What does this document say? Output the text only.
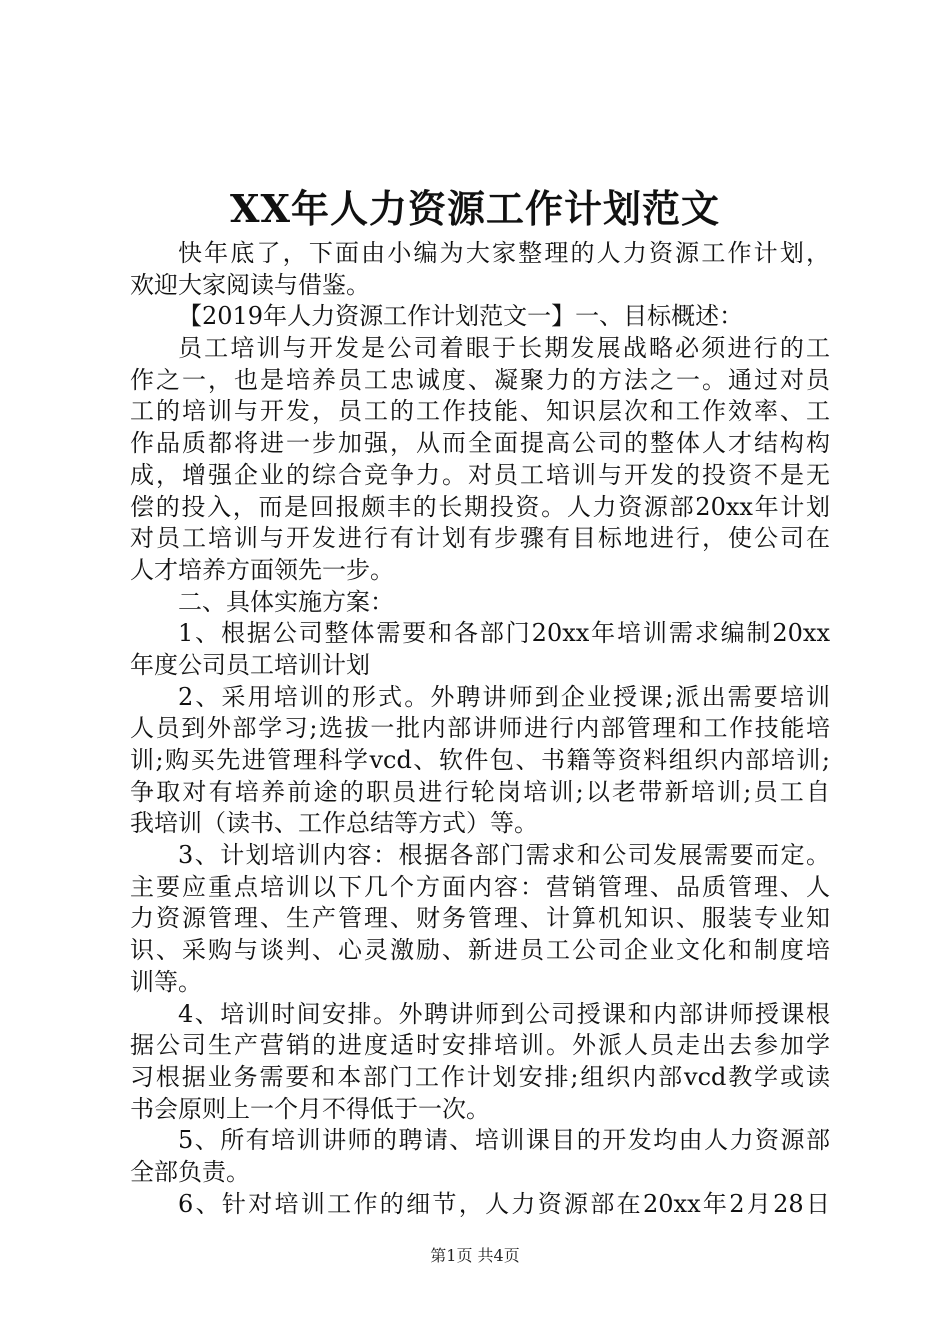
XX年人力资源工作计划范文
快年底了，下面由小编为大家整理的人力资源工作计划，
欢迎大家阅读与借鉴。
【2019年人力资源工作计划范文一】一、目标概述：
员工培训与开发是公司着眼于长期发展战略必须进行的工
作之一，也是培养员工忠诚度、凝聚力的方法之一。通过对员
工的培训与开发，员工的工作技能、知识层次和工作效率、工
作品质都将进一步加强，从而全面提高公司的整体人才结构构
成，增强企业的综合竞争力。对员工培训与开发的投资不是无
偿的投入，而是回报颇丰的长期投资。人力资源部20xx年计划
对员工培训与开发进行有计划有步骤有目标地进行，使公司在
人才培养方面领先一步。
二、具体实施方案：
1、根据公司整体需要和各部门20xx年培训需求编制20xx
年度公司员工培训计划
2、采用培训的形式。外聘讲师到企业授课;派出需要培训
人员到外部学习;选拔一批内部讲师进行内部管理和工作技能培
训;购买先进管理科学vcd、软件包、书籍等资料组织内部培训;
争取对有培养前途的职员进行轮岗培训;以老带新培训;员工自
我培训（读书、工作总结等方式）等。
3、计划培训内容：根据各部门需求和公司发展需要而定。
主要应重点培训以下几个方面内容：营销管理、品质管理、人
力资源管理、生产管理、财务管理、计算机知识、服装专业知
识、采购与谈判、心灵激励、新进员工公司企业文化和制度培
训等。
4、培训时间安排。外聘讲师到公司授课和内部讲师授课根
据公司生产营销的进度适时安排培训。外派人员走出去参加学
习根据业务需要和本部门工作计划安排;组织内部vcd教学或读
书会原则上一个月不得低于一次。
5、所有培训讲师的聘请、培训课目的开发均由人力资源部
全部负责。
6、针对培训工作的细节，人力资源部在20xx年2月28日
第1页 共4页
